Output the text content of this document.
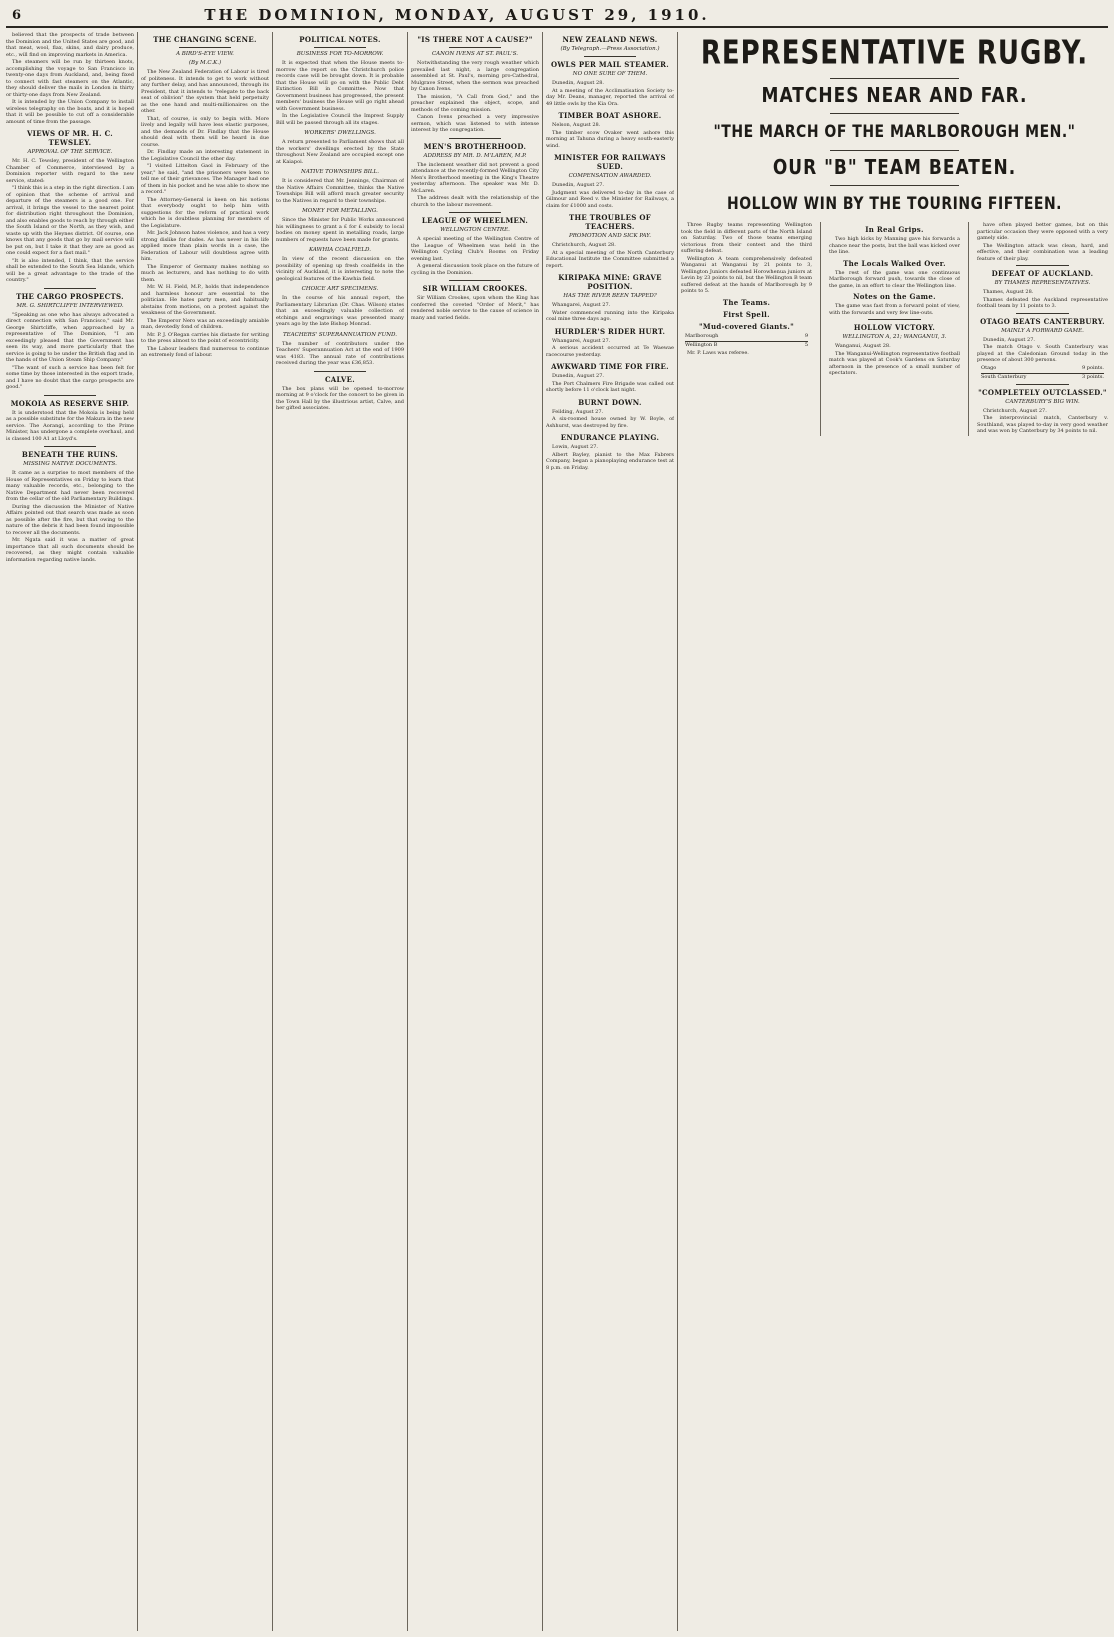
6	THE DOMINION, MONDAY, AUGUST 29, 1910.
believed that the prospects of trade between the Dominion and the United States are good, and that meat, wool, flax, skins, and dairy produce, etc., will find on improving markets in America.
The steamers will be run by thirteen knots, accomplishing the voyage to San Francisco in twenty-one days from Auckland, and, being fixed to connect with fast steamers on the Atlantic, they should deliver the mails in London in thirty or thirty-one days from New Zealand.
It is intended by the Union Company to install wireless telegraphy on the boats, and it is hoped that it will be possible to cut off a considerable amount of time from the passage.
VIEWS OF MR. H. C. TEWSLEY.
APPROVAL OF THE SERVICE.
Mr. H. C. Tewsley, president of the Wellington Chamber of Commerce, interviewed by a Dominion reporter with regard to the new service, stated:
"I think this is a step in the right direction. I am of opinion that the scheme of arrival and departure of the steamers is a good one. For arrival, it brings the vessel to the nearest point for distribution right throughout the Dominion, and also enables goods to reach by through either the South Island or the North, as they wish, and waste up with the Heynes district. Of course, one knows that any goods that go by mail service will be put on, but I take it that they are as good as one could expect for a fast mail."
"It is also intended, I think, that the service shall be extended to the South Sea Islands, which will be a great advantage to the trade of the country."
THE CARGO PROSPECTS.
MR. G. SHIRTCLIFFE INTERVIEWED.
"Speaking as one who has always advocated a direct connection with San Francisco," said Mr. George Shirtcliffe, when approached by a representative of The Dominion, "I am exceedingly pleased that the Government has seen its way, and more particularly that the service is going to be under the British flag and in the hands of the Union Steam Ship Company."
"The want of such a service has been felt for some time by those interested in the export trade, and I have no doubt that the cargo prospects are good."
MOKOIA AS RESERVE SHIP.
It is understood that the Mokoia is being held as a possible substitute for the Makura in the new service. The Aorangi, according to the Prime Minister, has undergone a complete overhaul, and is classed 100 A1 at Lloyd's.
BENEATH THE RUINS.
MISSING NATIVE DOCUMENTS.
It came as a surprise to most members of the House of Representatives on Friday to learn that many valuable records, etc., belonging to the Native Department had never been recovered from the cellar of the old Parliamentary Buildings.
During the discussion the Minister of Native Affairs pointed out that search was made as soon as possible after the fire, but that owing to the nature of the debris it had been found impossible to recover all the documents.
Mr. Ngata said it was a matter of great importance that all such documents should be recovered, as they might contain valuable information regarding native lands.
THE CHANGING SCENE.
A BIRD'S-EYE VIEW.
(By M.C.K.)
The New Zealand Federation of Labour is tired of politeness. It intends to get to work without any further delay, and has announced, through its President, that it intends to "relegate to the back seat of oblivion" the system that held perpetuity as the one hand and multi-millionaires on the other.
That, of course, is only to begin with. More lively and legally will have less elastic purposes, and the demands of Dr. Findlay that the House should deal with them will be heard in due course.
Dr. Findlay made an interesting statement in the Legislative Council the other day.
"I visited Littelton Gaol in February of the year," he said, "and the prisoners were keen to tell me of their grievances. The Manager had one of them in his pocket and he was able to show me a record."
The Attorney-General is keen on his notions that everybody ought to help him with suggestions for the reform of practical work which he is doubtless planning for members of the Legislature.
Mr. Jack Johnson hates violence, and has a very strong dislike for dudes. As has never in his life applied more than plain words in a case, the Federation of Labour will doubtless agree with him.
The Emperor of Germany makes nothing so much as lecturers, and has nothing to do with them.
Mr. W. H. Field, M.P., holds that independence and harmless honour are essential to the politician. He hates party men, and habitually abstains from motions, on a protest against the weakness of the Government.
The Emperor Nero was an exceedingly amiable man, devotedly fond of children.
Mr. P. J. O'Regan carries his distaste for writing to the press almost to the point of eccentricity.
The Labour leaders find numerous to continue an extremely fond of labour.
POLITICAL NOTES.
BUSINESS FOR TO-MORROW.
It is expected that when the House meets to-morrow the report on the Christchurch police records case will be brought down. It is probable that the House will go on with the Public Debt Extinction Bill in Committee. Now that Government business has progressed, the present members' business the House will go right ahead with Government business.
In the Legislative Council the Imprest Supply Bill will be passed through all its stages.
WORKERS' DWELLINGS.
A return presented to Parliament shows that all the workers' dwellings erected by the State throughout New Zealand are occupied except one at Kaiapoi.
NATIVE TOWNSHIPS BILL.
It is considered that Mr. Jennings, Chairman of the Native Affairs Committee, thinks the Native Townships Bill will afford much greater security to the Natives in regard to their townships.
MONEY FOR METALLING.
Since the Minister for Public Works announced his willingness to grant a £ for £ subsidy to local bodies on money spent in metalling roads, large numbers of requests have been made for grants.
KAWHIA COALFIELD.
In view of the recent discussion on the possibility of opening up fresh coalfields in the vicinity of Auckland, it is interesting to note the geological features of the Kawhia field.
CHOICE ART SPECIMENS.
In the course of his annual report, the Parliamentary Librarian (Dr. Chas. Wilson) states that an exceedingly valuable collection of etchings and engravings was presented many years ago by the late Bishop Monrad.
TEACHERS' SUPERANNUATION FUND.
The number of contributors under the Teachers' Superannuation Act at the end of 1909 was 4183. The annual rate of contributions received during the year was £36,853.
CALVE.
The box plans will be opened to-morrow morning at 9 o'clock for the concert to be given in the Town Hall by the illustrious artist, Calve, and her gifted associates.
"IS THERE NOT A CAUSE?"
CANON IVENS AT ST. PAUL'S.
Notwithstanding the very rough weather which prevailed last night, a large congregation assembled at St. Paul's, morning pro-Cathedral, Mulgrave Street, when the sermon was preached by Canon Ivens.
The mission, "A Call from God," and the preacher explained the object, scope, and methods of the coming mission.
Canon Ivens preached a very impressive sermon, which was listened to with intense interest by the congregation.
MEN'S BROTHERHOOD.
ADDRESS BY MR. D. M'LAREN, M.P.
The inclement weather did not prevent a good attendance at the recently-formed Wellington City Men's Brotherhood meeting in the King's Theatre yesterday afternoon. The speaker was Mr. D. McLaren.
The address dealt with the relationship of the church to the labour movement.
LEAGUE OF WHEELMEN.
WELLINGTON CENTRE.
A special meeting of the Wellington Centre of the League of Wheelmen was held in the Wellington Cycling Club's Rooms on Friday evening last.
A general discussion took place on the future of cycling in the Dominion.
SIR WILLIAM CROOKES.
Sir William Crookes, upon whom the King has conferred the coveted "Order of Merit," has rendered noble service to the cause of science in many and varied fields.
NEW ZEALAND NEWS.
(By Telegraph.—Press Association.)
OWLS PER MAIL STEAMER.
NO ONE SURE OF THEM.
Dunedin, August 28.
At a meeting of the Acclimatisation Society to-day Mr. Deans, manager, reported the arrival of 49 little owls by the Kia Ora.
TIMBER BOAT ASHORE.
Nelson, August 28.
The timber scow Ovaker went ashore this morning at Tahuna during a heavy south-easterly wind.
MINISTER FOR RAILWAYS SUED.
COMPENSATION AWARDED.
Dunedin, August 27.
Judgment was delivered to-day in the case of Gilmour and Reed v. the Minister for Railways, a claim for £1000 and costs.
THE TROUBLES OF TEACHERS.
PROMOTION AND SICK PAY.
Christchurch, August 28.
At a special meeting of the North Canterbury Educational Institute the Committee submitted a report.
KIRIPAKA MINE: GRAVE POSITION.
HAS THE RIVER BEEN TAPPED?
Whangarei, August 27.
Water commenced running into the Kiripaka coal mine three days ago.
HURDLER'S RIDER HURT.
Whangarei, August 27.
A serious accident occurred at Te Waewae racecourse yesterday.
AWKWARD TIME FOR FIRE.
Dunedin, August 27.
The Port Chalmers Fire Brigade was called out shortly before 11 o'clock last night.
BURNT DOWN.
Feilding, August 27.
A six-roomed house owned by W. Boyle, of Ashhurst, was destroyed by fire.
ENDURANCE PLAYING.
Lowin, August 27.
Albert Bayley, pianist to the Max Fabrers Company, began a pianoplaying endurance test at 8 p.m. on Friday.
REPRESENTATIVE RUGBY.
MATCHES NEAR AND FAR.
"THE MARCH OF THE MARLBOROUGH MEN."
OUR "B" TEAM BEATEN.
HOLLOW WIN BY THE TOURING FIFTEEN.
Three Rugby teams representing Wellington took the field in different parts of the North Island on Saturday. Two of those teams emerging victorious from their contest and the third suffering defeat.
Wellington A team comprehensively defeated Wanganui at Wanganui by 21 points to 3, Wellington Juniors defeated Horowhenua juniors at Levin by 23 points to nil, but the Wellington B team suffered defeat at the hands of Marlborough by 9 points to 5.
The Teams.
First Spell.
"Mud-covered Giants."
Marlborough	9
Wellington B	5
Mr. P. Laws was referee.
In Real Grips.
Two high kicks by Manning gave his forwards a chance near the posts, but the ball was kicked over the line.
The Locals Walked Over.
The rest of the game was one continuous Marlborough forward push, towards the close of the game, in an effort to clear the Wellington line.
Notes on the Game.
The game was fast from a forward point of view, with the forwards and very few line-outs.
HOLLOW VICTORY.
WELLINGTON A, 21; WANGANUI, 3.
Wanganui, August 28.
The Wanganui-Wellington representative football match was played at Cook's Gardens on Saturday afternoon in the presence of a small number of spectators.
have often played better games, but on this particular occasion they were opposed with a very gamely side.
The Wellington attack was clean, hard, and effective, and their combination was a leading feature of their play.
DEFEAT OF AUCKLAND.
BY THAMES REPRESENTATIVES.
Thames, August 28.
Thames defeated the Auckland representative football team by 11 points to 3.
OTAGO BEATS CANTERBURY.
MAINLY A FORWARD GAME.
Dunedin, August 27.
The match Otago v. South Canterbury was played at the Caledonian Ground today in the presence of about 300 persons.
Otago	9 points.
South Canterbury	3 points.
"COMPLETELY OUTCLASSED."
CANTERBURY'S BIG WIN.
Christchurch, August 27.
The interprovincial match, Canterbury v. Southland, was played to-day in very good weather and was won by Canterbury by 34 points to nil.
